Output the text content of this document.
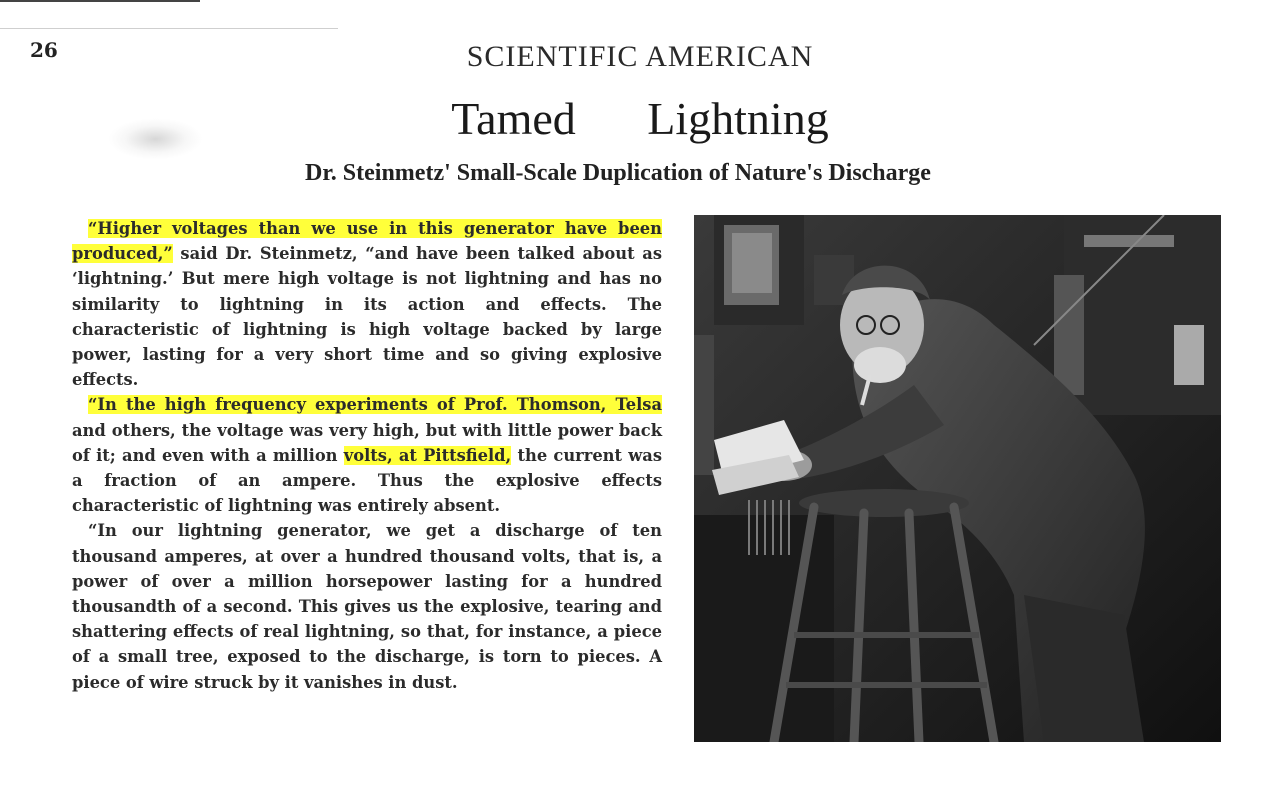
26	SCIENTIFIC AMERICAN
Tamed Lightning
Dr. Steinmetz' Small-Scale Duplication of Nature's Discharge

“Higher voltages than we use in this generator have been produced,” said Dr. Steinmetz, “and have been talked about as ‘lightning.’ But mere high voltage is not lightning and has no similarity to lightning in its action and effects. The characteristic of lightning is high voltage backed by large power, lasting for a very short time and so giving explosive effects.

“In the high frequency experiments of Prof. Thomson, Telsa and others, the voltage was very high, but with little power back of it; and even with a million volts, at Pittsfield, the current was a fraction of an ampere. Thus the explosive effects characteristic of lightning was entirely absent.

“In our lightning generator, we get a discharge of ten thousand amperes, at over a hundred thousand volts, that is, a power of over a million horsepower lasting for a hundred thousandth of a second. This gives us the explosive, tearing and shattering effects of real lightning, so that, for instance, a piece of a small tree, exposed to the discharge, is torn to pieces. A piece of wire struck by it vanishes in dust.
